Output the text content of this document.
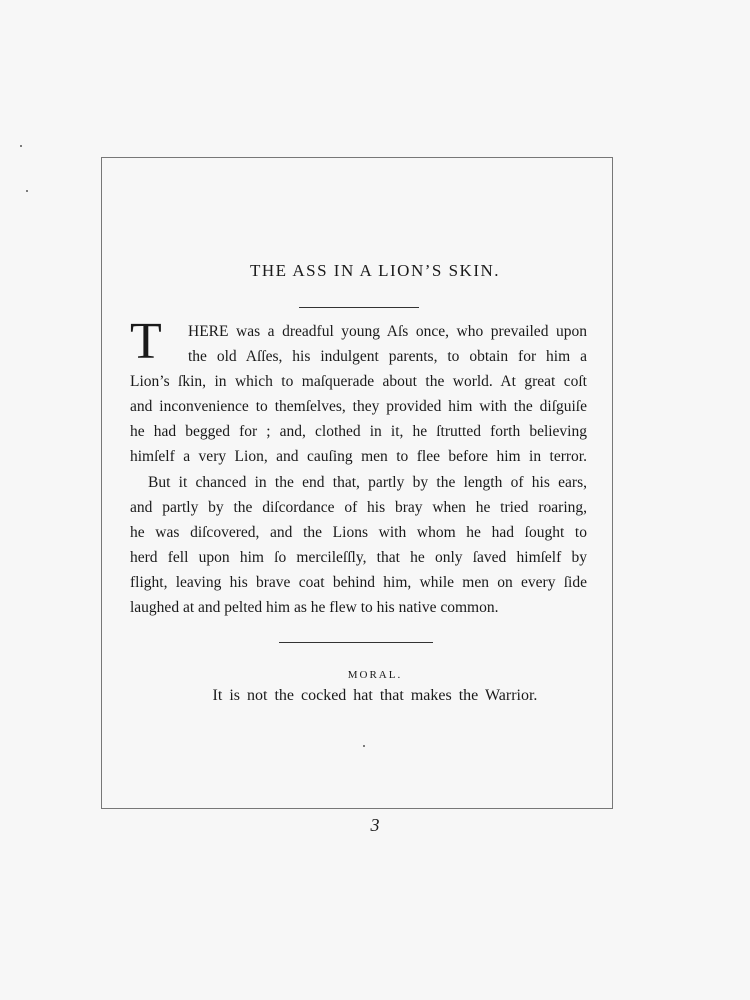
THE ASS IN A LION’S SKIN.
T	HERE was a dreadful young Aſs once, who prevailed upon
the old Aſſes, his indulgent parents, to obtain for him a
Lion’s ſkin, in which to maſquerade about the world. At great coſt
and inconvenience to themſelves, they provided him with the diſguiſe
he had begged for ; and, clothed in it, he ſtrutted forth believing
himſelf a very Lion, and cauſing men to flee before him in terror.
But it chanced in the end that, partly by the length of his ears,
and partly by the diſcordance of his bray when he tried roaring,
he was diſcovered, and the Lions with whom he had ſought to
herd fell upon him ſo mercileſſly, that he only ſaved himſelf by
flight, leaving his brave coat behind him, while men on every ſide
laughed at and pelted him as he flew to his native common.
MORAL.
It is not the cocked hat that makes the Warrior.
3
